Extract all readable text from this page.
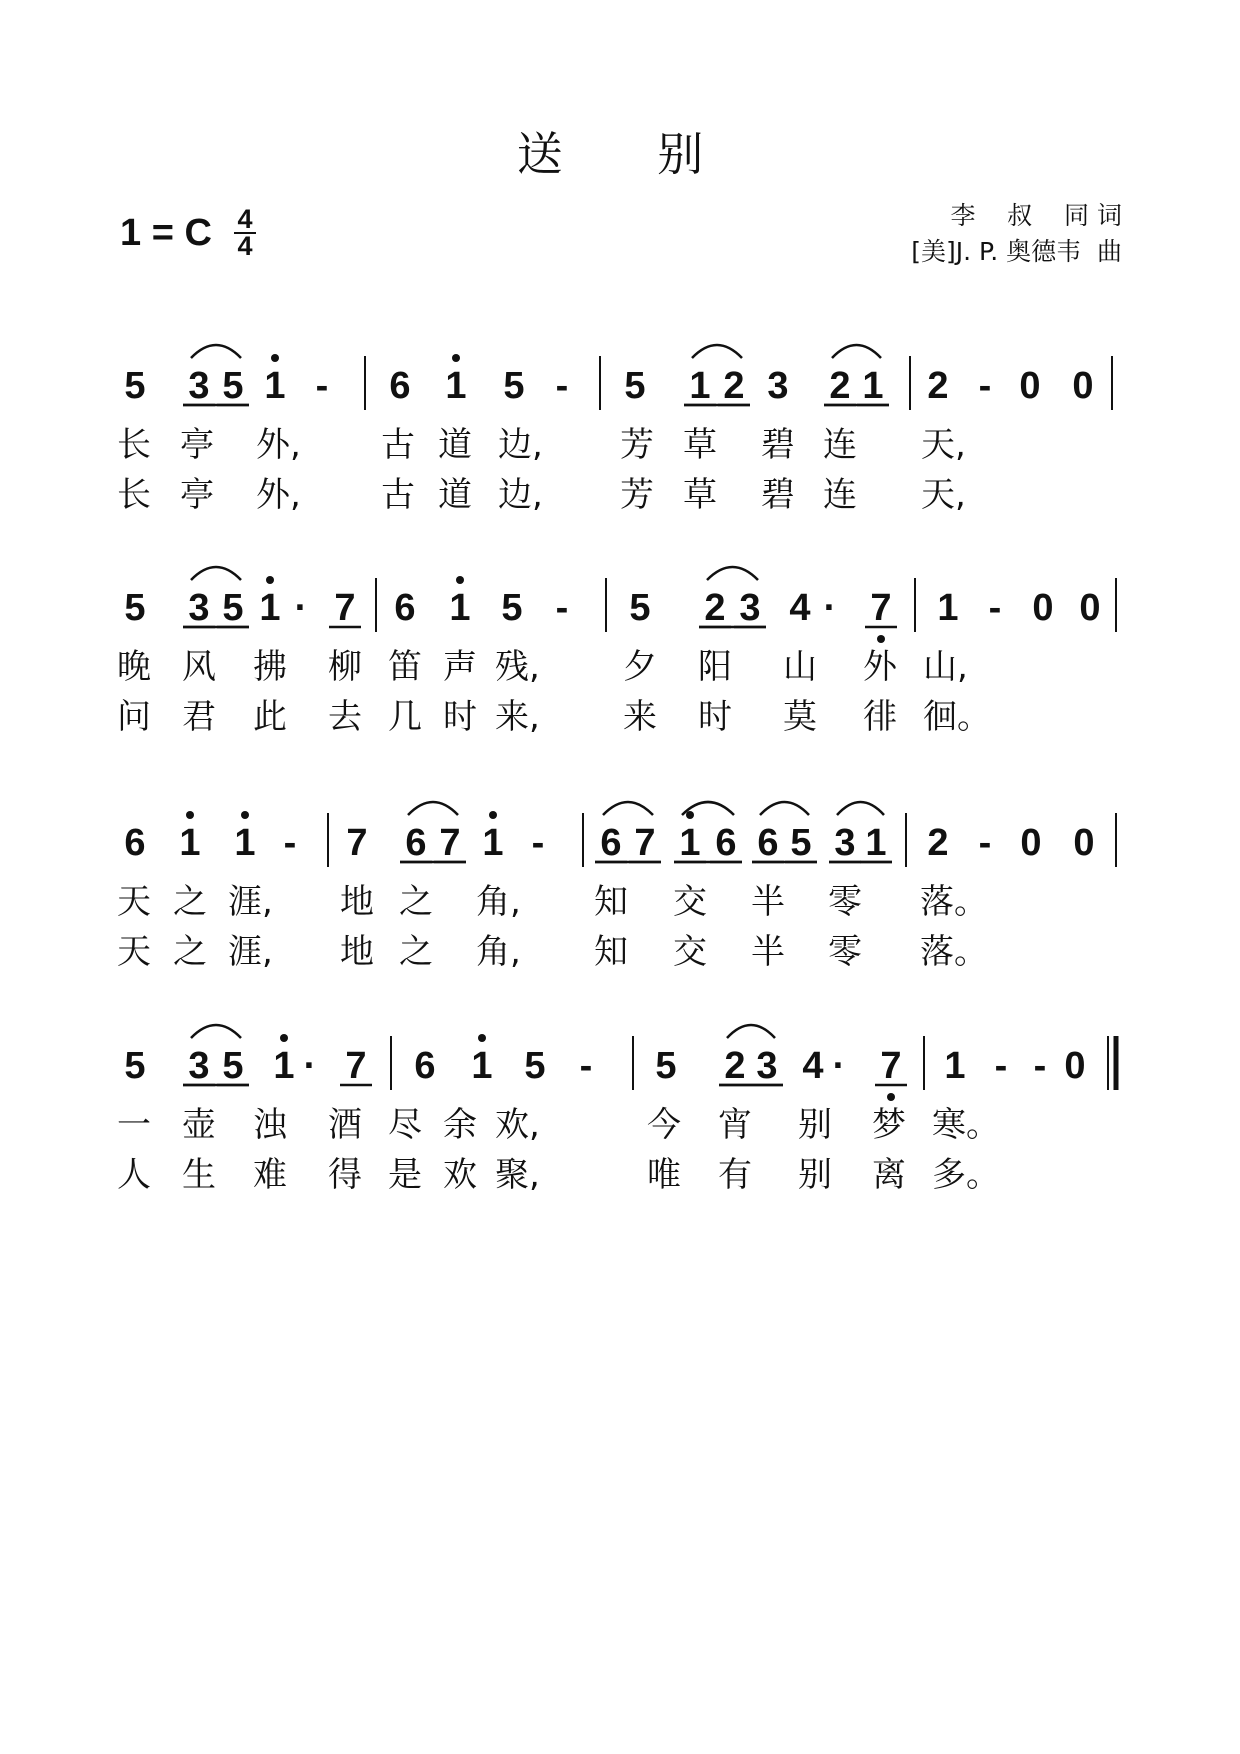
送 别
1 = C 4
4
李    叔    同 词
[美]J. P. 奥德韦  曲
5 3 5 1 - 6 1 5 - 5 1 2 3 2 1 2 - 0 0
长 亭 外, 古 道 边, 芳 草 碧 连 天,
长 亭 外, 古 道 边, 芳 草 碧 连 天,
5 3 5 1 · 7 6 1 5 - 5 2 3 4 · 7 1 - 0 0
晚 风 拂 柳 笛 声 残, 夕 阳 山 外 山,
问 君 此 去 几 时 来, 来 时 莫 徘 徊。
6 1 1 - 7 6 7 1 - 6 7 1 6 6 5 3 1 2 - 0 0
天 之 涯, 地 之 角, 知 交 半 零 落。
天 之 涯, 地 之 角, 知 交 半 零 落。
5 3 5 1 · 7 6 1 5 - 5 2 3 4 · 7 1 - - 0
一 壶 浊 酒 尽 余 欢,	今 宵 别 梦 寒。
人 生 难 得 是 欢 聚,	唯 有 别 离 多。
